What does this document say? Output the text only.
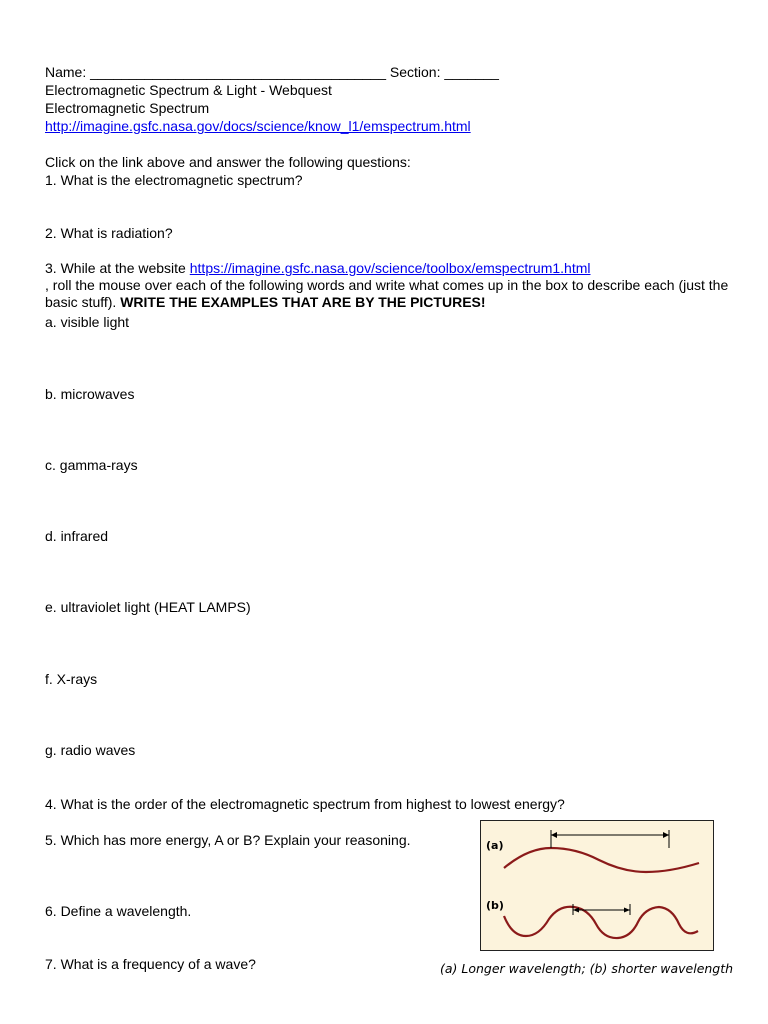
Name: ______________________________________ Section: _______
Electromagnetic Spectrum & Light - Webquest
Electromagnetic Spectrum
http://imagine.gsfc.nasa.gov/docs/science/know_l1/emspectrum.html
Click on the link above and answer the following questions:
1. What is the electromagnetic spectrum?
2. What is radiation?
3. While at the website https://imagine.gsfc.nasa.gov/science/toolbox/emspectrum1.html
, roll the mouse over each of the following words and write what comes up in the box to describe each (just the basic stuff). WRITE THE EXAMPLES THAT ARE BY THE PICTURES!
a. visible light
b. microwaves
c. gamma-rays
d. infrared
e. ultraviolet light (HEAT LAMPS)
f. X-rays
g. radio waves
4. What is the order of the electromagnetic spectrum from highest to lowest energy?
5. Which has more energy, A or B? Explain your reasoning.
6. Define a wavelength.
7. What is a frequency of a wave?
(a)
(b)
(a) Longer wavelength; (b) shorter wavelength
